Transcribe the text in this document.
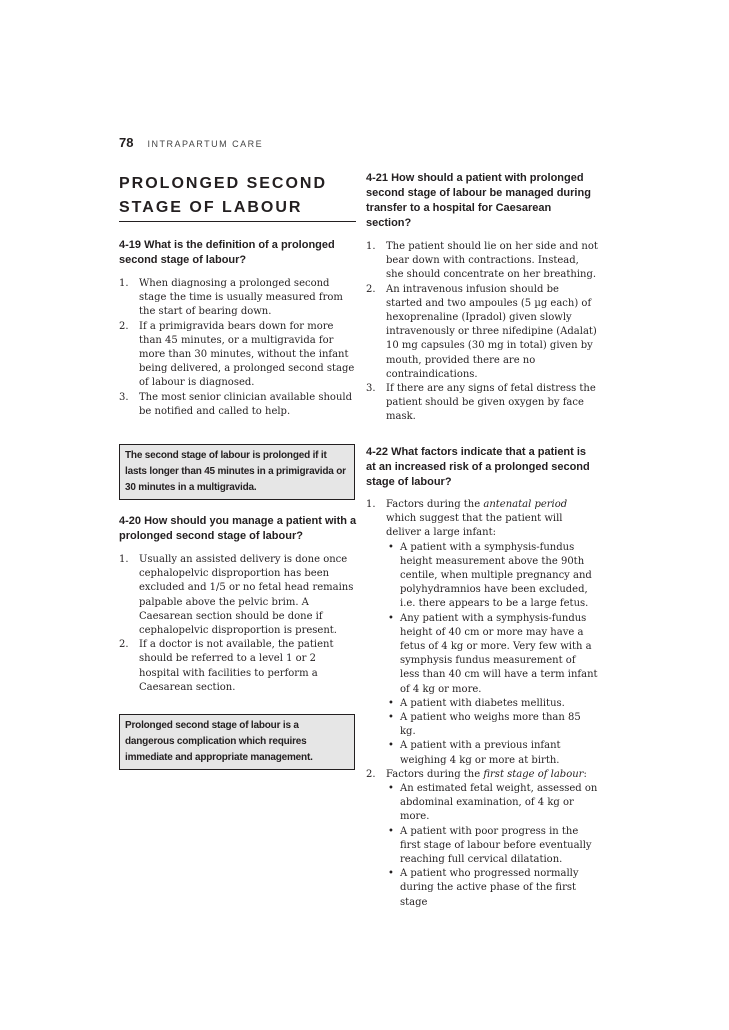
78 INTRAPARTUM CARE
PROLONGED SECOND STAGE OF LABOUR

4-19 What is the definition of a prolonged second stage of labour?

1. When diagnosing a prolonged second stage the time is usually measured from the start of bearing down.
2. If a primigravida bears down for more than 45 minutes, or a multigravida for more than 30 minutes, without the infant being delivered, a prolonged second stage of labour is diagnosed.
3. The most senior clinician available should be notified and called to help.
The second stage of labour is prolonged if it lasts longer than 45 minutes in a primigravida or 30 minutes in a multigravida.

4-20 How should you manage a patient with a prolonged second stage of labour?

1. Usually an assisted delivery is done once cephalopelvic disproportion has been excluded and 1/5 or no fetal head remains palpable above the pelvic brim. A Caesarean section should be done if cephalopelvic disproportion is present.
2. If a doctor is not available, the patient should be referred to a level 1 or 2 hospital with facilities to perform a Caesarean section.
Prolonged second stage of labour is a dangerous complication which requires immediate and appropriate management.

4-21 How should a patient with prolonged second stage of labour be managed during transfer to a hospital for Caesarean section?

1. The patient should lie on her side and not bear down with contractions. Instead, she should concentrate on her breathing.
2. An intravenous infusion should be started and two ampoules (5 µg each) of hexoprenaline (Ipradol) given slowly intravenously or three nifedipine (Adalat) 10 mg capsules (30 mg in total) given by mouth, provided there are no contraindications.
3. If there are any signs of fetal distress the patient should be given oxygen by face mask.

4-22 What factors indicate that a patient is at an increased risk of a prolonged second stage of labour?

1. Factors during the antenatal period which suggest that the patient will deliver a large infant:
• A patient with a symphysis-fundus height measurement above the 90th centile, when multiple pregnancy and polyhydramnios have been excluded, i.e. there appears to be a large fetus.
• Any patient with a symphysis-fundus height of 40 cm or more may have a fetus of 4 kg or more. Very few with a symphysis fundus measurement of less than 40 cm will have a term infant of 4 kg or more.
• A patient with diabetes mellitus.
• A patient who weighs more than 85 kg.
• A patient with a previous infant weighing 4 kg or more at birth.
2. Factors during the first stage of labour:
• An estimated fetal weight, assessed on abdominal examination, of 4 kg or more.
• A patient with poor progress in the first stage of labour before eventually reaching full cervical dilatation.
• A patient who progressed normally during the active phase of the first stage
